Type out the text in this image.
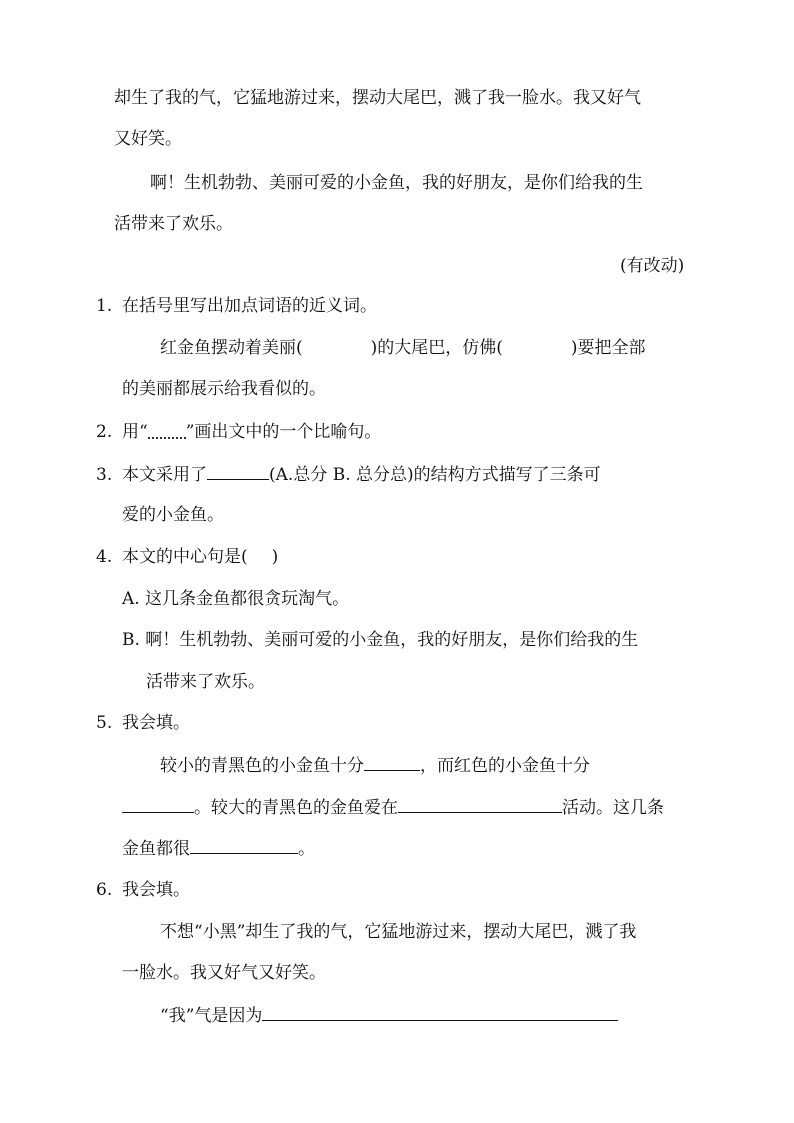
却生了我的气，它猛地游过来，摆动大尾巴，溅了我一脸水。我又好气
又好笑。
啊！生机勃勃、美丽可爱的小金鱼，我的好朋友，是你们给我的生
活带来了欢乐。
(有改动)
1. 在括号里写出加点词语的近义词。
红金鱼摆动着美丽(	)的大尾巴，仿佛(	)要把全部
的美丽都展示给我看似的。
2. 用“ ”画出文中的一个比喻句。
3. 本文采用了	(A.总分 B. 总分总)的结构方式描写了三条可
爱的小金鱼。
4. 本文的中心句是( )
A. 这几条金鱼都很贪玩淘气。
B. 啊！生机勃勃、美丽可爱的小金鱼，我的好朋友，是你们给我的生
活带来了欢乐。
5. 我会填。
较小的青黑色的小金鱼十分	，而红色的小金鱼十分
。较大的青黑色的金鱼爱在	活动。这几条
金鱼都很	。
6. 我会填。
不想“小黑”却生了我的气，它猛地游过来，摆动大尾巴，溅了我
一脸水。我又好气又好笑。
“我”气是因为
